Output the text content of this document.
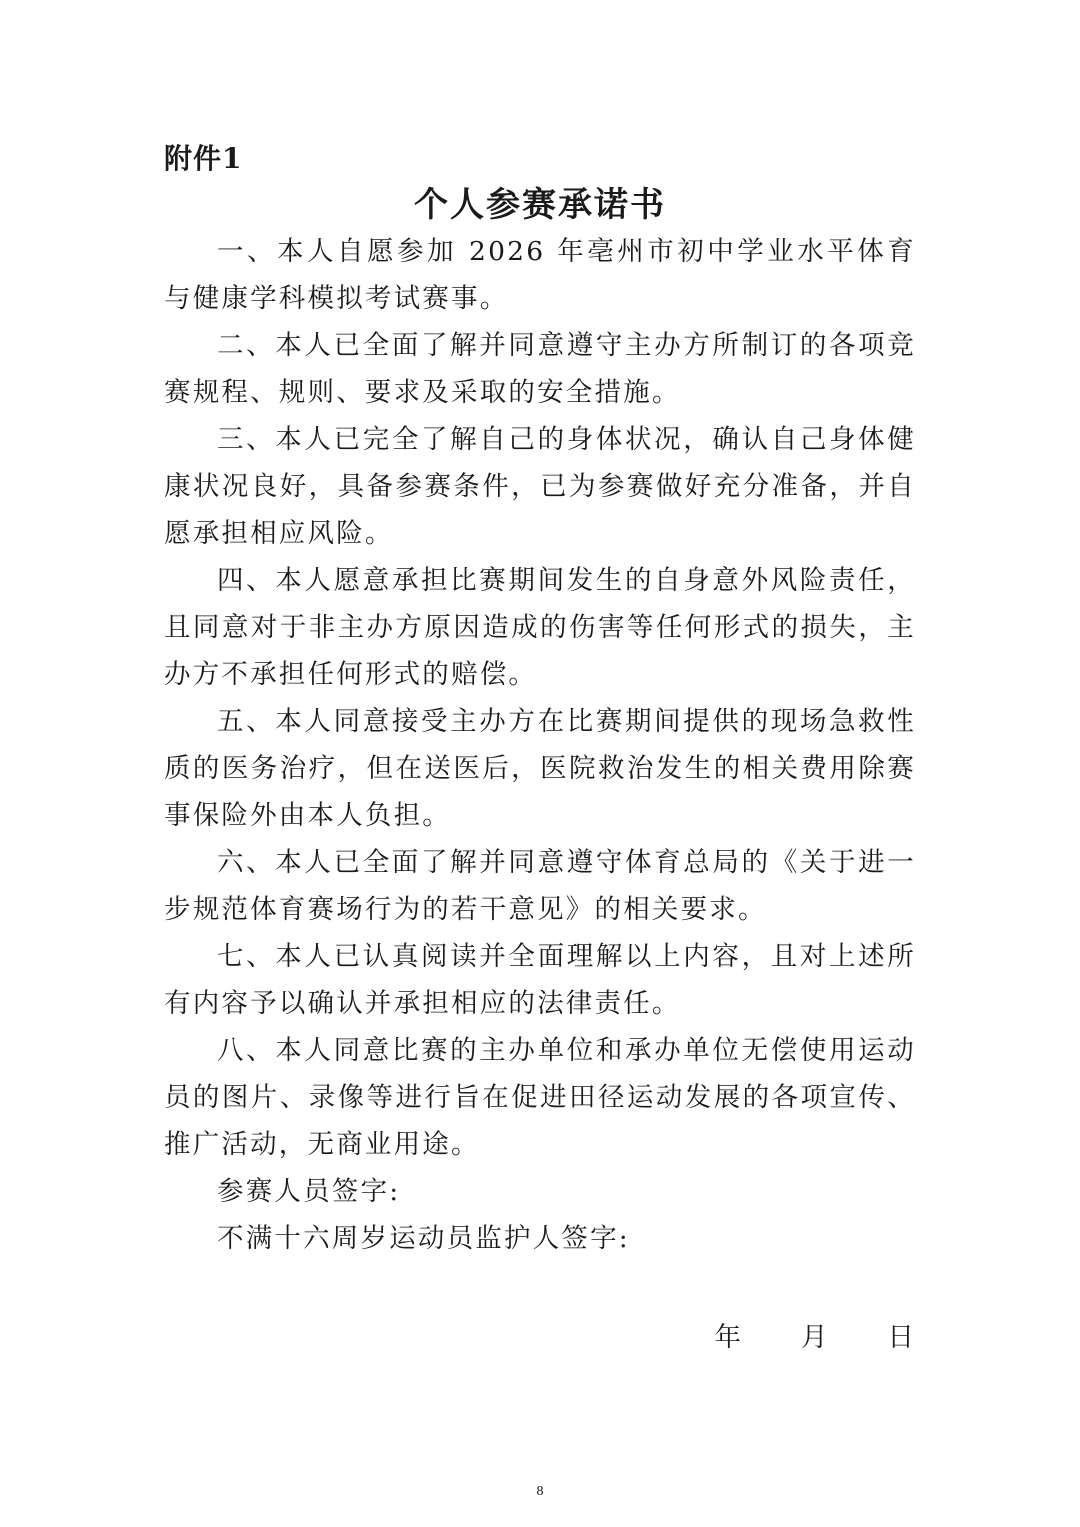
附件1
个人参赛承诺书

一、本人自愿参加 2026 年亳州市初中学业水平体育与健康学科模拟考试赛事。

二、本人已全面了解并同意遵守主办方所制订的各项竞赛规程、规则、要求及采取的安全措施。

三、本人已完全了解自己的身体状况，确认自己身体健康状况良好，具备参赛条件，已为参赛做好充分准备，并自愿承担相应风险。

四、本人愿意承担比赛期间发生的自身意外风险责任，且同意对于非主办方原因造成的伤害等任何形式的损失，主办方不承担任何形式的赔偿。

五、本人同意接受主办方在比赛期间提供的现场急救性质的医务治疗，但在送医后，医院救治发生的相关费用除赛事保险外由本人负担。

六、本人已全面了解并同意遵守体育总局的《关于进一步规范体育赛场行为的若干意见》的相关要求。

七、本人已认真阅读并全面理解以上内容，且对上述所有内容予以确认并承担相应的法律责任。

八、本人同意比赛的主办单位和承办单位无偿使用运动员的图片、录像等进行旨在促进田径运动发展的各项宣传、推广活动，无商业用途。

参赛人员签字:

不满十六周岁运动员监护人签字:

年 月 日
8
